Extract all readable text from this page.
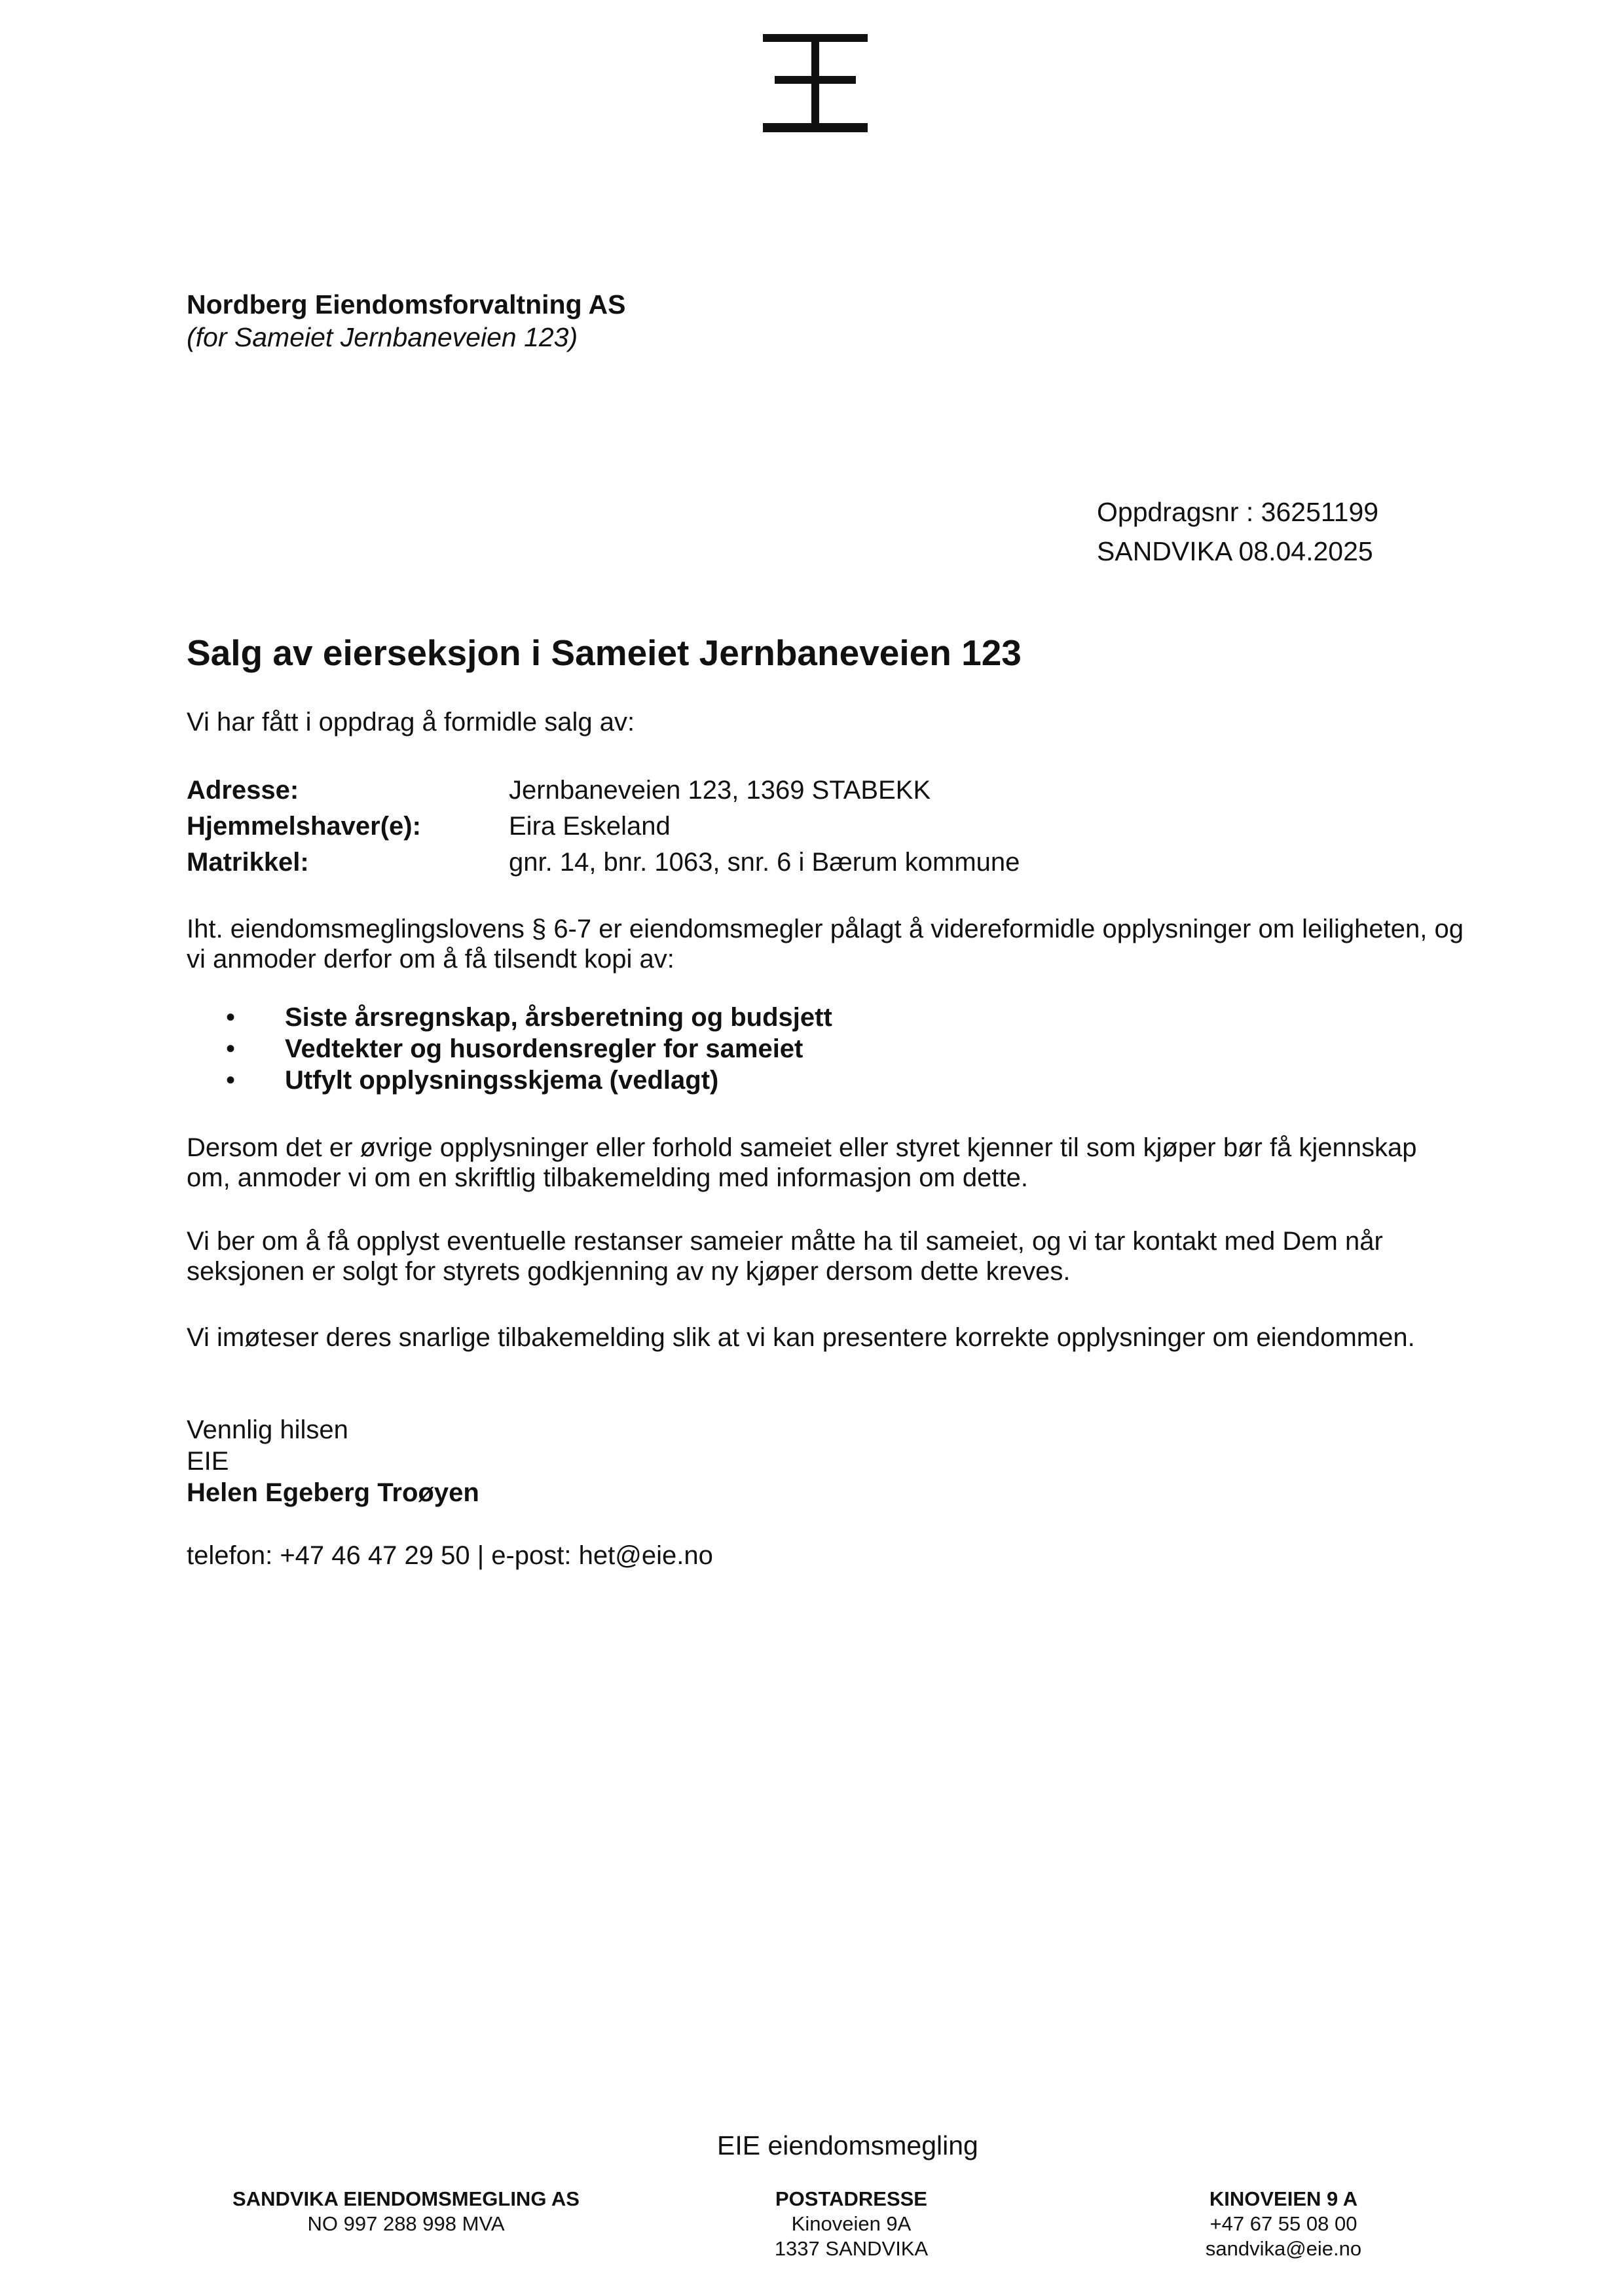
Nordberg Eiendomsforvaltning AS
(for Sameiet Jernbaneveien 123)
Oppdragsnr : 36251199
SANDVIKA 08.04.2025
Salg av eierseksjon i Sameiet Jernbaneveien 123
Vi har fått i oppdrag å formidle salg av:
Adresse:	Jernbaneveien 123, 1369 STABEKK
Hjemmelshaver(e):	Eira Eskeland
Matrikkel:	gnr. 14, bnr. 1063, snr. 6 i Bærum kommune
Iht. eiendomsmeglingslovens § 6-7 er eiendomsmegler pålagt å videreformidle opplysninger om leiligheten, og vi anmoder derfor om å få tilsendt kopi av:
•	Siste årsregnskap, årsberetning og budsjett
•	Vedtekter og husordensregler for sameiet
•	Utfylt opplysningsskjema (vedlagt)
Dersom det er øvrige opplysninger eller forhold sameiet eller styret kjenner til som kjøper bør få kjennskap om, anmoder vi om en skriftlig tilbakemelding med informasjon om dette.
Vi ber om å få opplyst eventuelle restanser sameier måtte ha til sameiet, og vi tar kontakt med Dem når seksjonen er solgt for styrets godkjenning av ny kjøper dersom dette kreves.
Vi imøteser deres snarlige tilbakemelding slik at vi kan presentere korrekte opplysninger om eiendommen.
Vennlig hilsen
EIE
Helen Egeberg Troøyen
telefon: +47 46 47 29 50 | e-post: het@eie.no
EIE eiendomsmegling
SANDVIKA EIENDOMSMEGLING AS
NO 997 288 998 MVA
POSTADRESSE
Kinoveien 9A
1337 SANDVIKA
KINOVEIEN 9 A
+47 67 55 08 00
sandvika@eie.no
